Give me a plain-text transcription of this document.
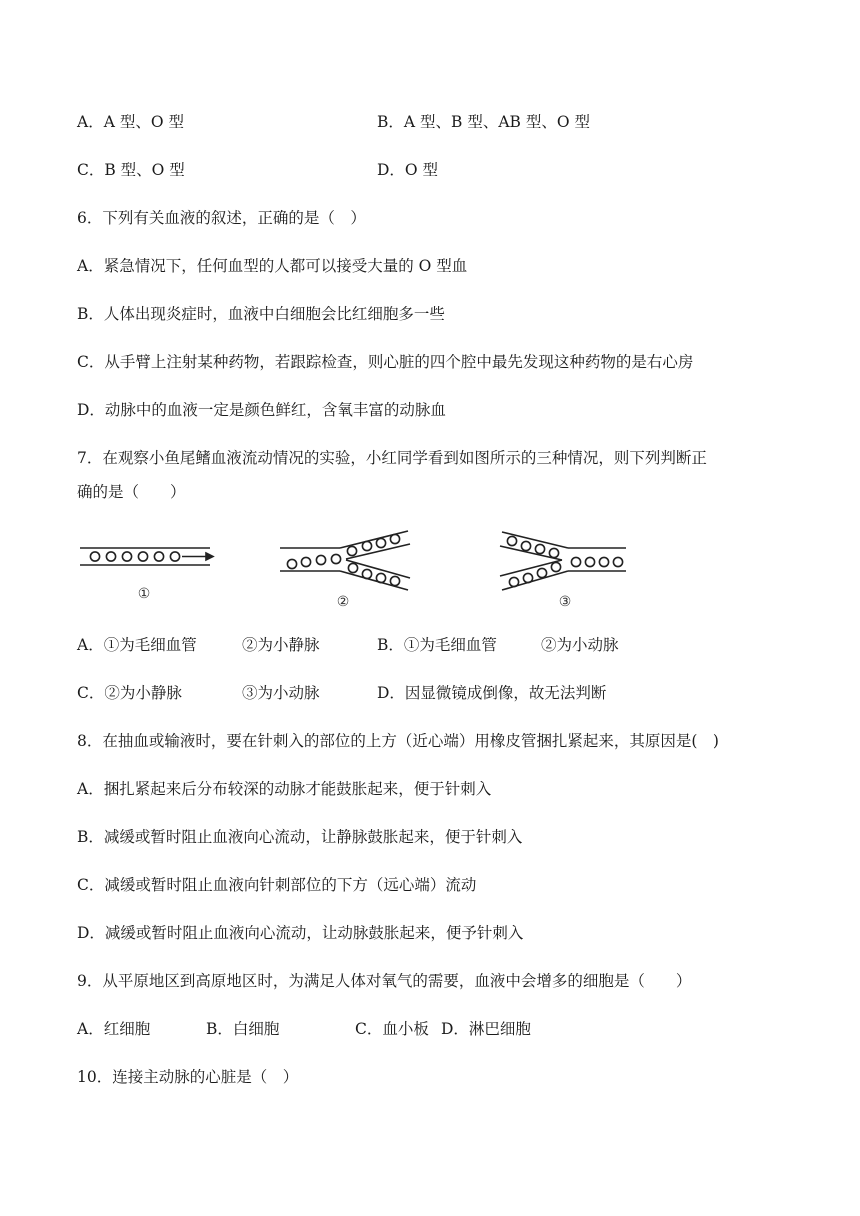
A．A 型、O 型	B．A 型、B 型、AB 型、O 型
C．B 型、O 型	D．O 型
6．下列有关血液的叙述，正确的是（　）
A．紧急情况下，任何血型的人都可以接受大量的 O 型血
B．人体出现炎症时，血液中白细胞会比红细胞多一些
C．从手臂上注射某种药物，若跟踪检查，则心脏的四个腔中最先发现这种药物的是右心房
D．动脉中的血液一定是颜色鲜红，含氧丰富的动脉血
7．在观察小鱼尾鳍血液流动情况的实验，小红同学看到如图所示的三种情况，则下列判断正
确的是（　　）
①	②	③
A．①为毛细血管	②为小静脉	B．①为毛细血管	②为小动脉
C．②为小静脉	③为小动脉	D．因显微镜成倒像，故无法判断
8．在抽血或输液时，要在针刺入的部位的上方（近心端）用橡皮管捆扎紧起来，其原因是(　)
A．捆扎紧起来后分布较深的动脉才能鼓胀起来，便于针刺入
B．减缓或暂时阻止血液向心流动，让静脉鼓胀起来，便于针刺入
C．减缓或暂时阻止血液向针刺部位的下方（远心端）流动
D．减缓或暂时阻止血液向心流动，让动脉鼓胀起来，便予针刺入
9．从平原地区到高原地区时，为满足人体对氧气的需要，血液中会增多的细胞是（　　）
A．红细胞	B．白细胞	C．血小板 D．淋巴细胞
10．连接主动脉的心脏是（　）
